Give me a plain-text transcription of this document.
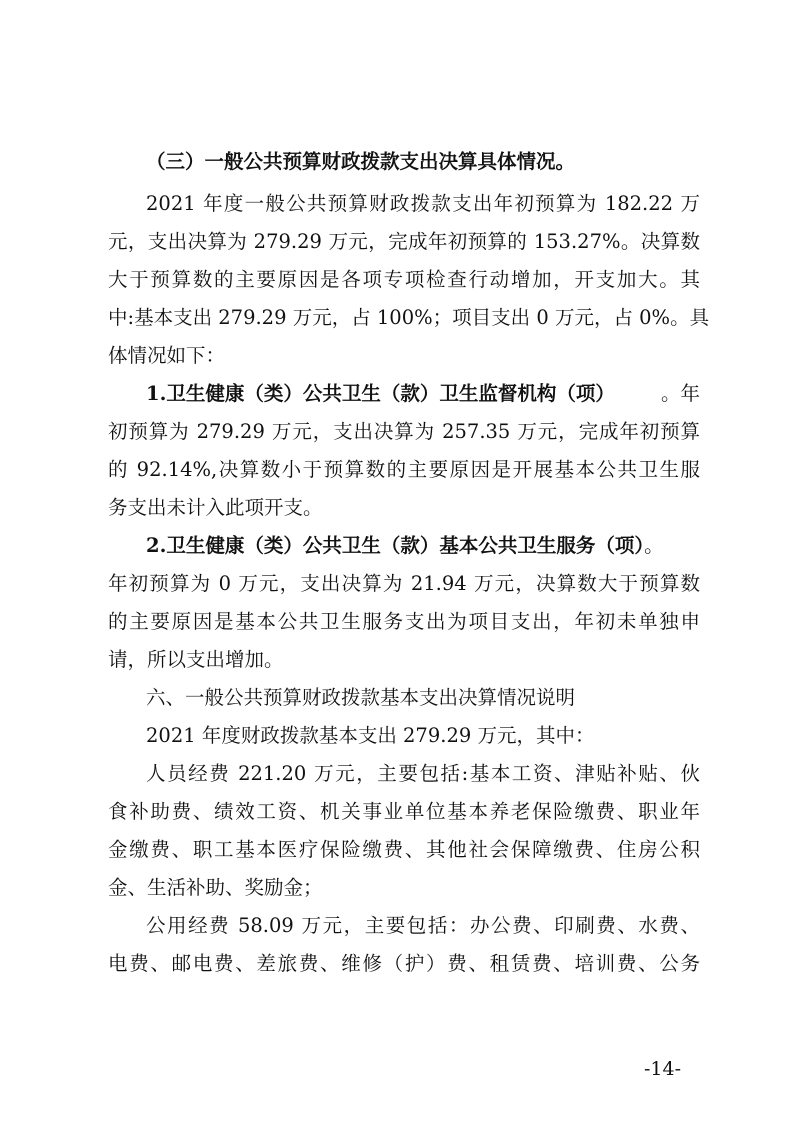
（三）一般公共预算财政拨款支出决算具体情况。
2021 年度一般公共预算财政拨款支出年初预算为 182.22 万
元，支出决算为 279.29 万元，完成年初预算的 153.27%。决算数
大于预算数的主要原因是各项专项检查行动增加，开支加大。其
中:基本支出 279.29 万元，占 100%；项目支出 0 万元，占 0%。具
体情况如下：
1.卫生健康（类）公共卫生（款）卫生监督机构（项） 。年
初预算为 279.29 万元，支出决算为 257.35 万元，完成年初预算
的 92.14%,决算数小于预算数的主要原因是开展基本公共卫生服
务支出未计入此项开支。
2.卫生健康（类）公共卫生（款）基本公共卫生服务（项）。
年初预算为 0 万元，支出决算为 21.94 万元，决算数大于预算数
的主要原因是基本公共卫生服务支出为项目支出，年初未单独申
请，所以支出增加。
六、一般公共预算财政拨款基本支出决算情况说明
2021 年度财政拨款基本支出 279.29 万元，其中：
人员经费 221.20 万元，主要包括:基本工资、津贴补贴、伙
食补助费、绩效工资、机关事业单位基本养老保险缴费、职业年
金缴费、职工基本医疗保险缴费、其他社会保障缴费、住房公积
金、生活补助、奖励金；
公用经费 58.09 万元，主要包括：办公费、印刷费、水费、
电费、邮电费、差旅费、维修（护）费、租赁费、培训费、公务
-14-
